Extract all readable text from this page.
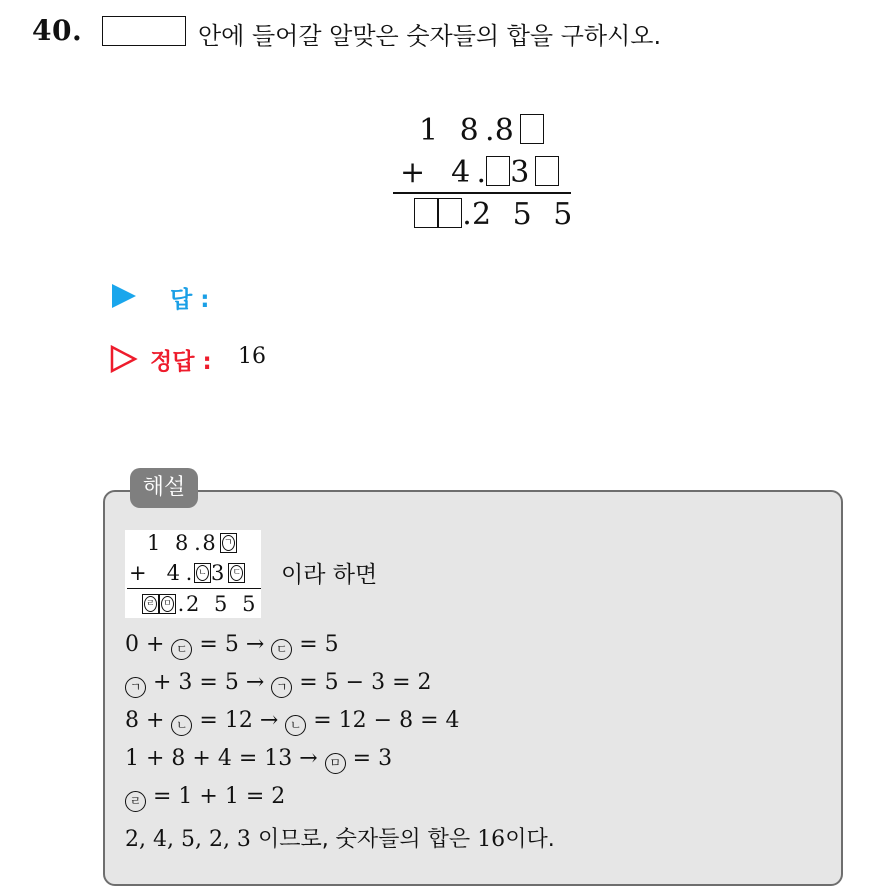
40.	안에 들어갈 알맞은 숫자들의 합을 구하시오.
1 8.8
+ 4. 3
.2 5 5
답 :
정답 : 16
해설
1 8.8 ㄱ
+ 4. ㄴ 3 ㄷ
ㄹ ㅁ .2 5 5
이라 하면
0 + ㄷ = 5 → ㄷ = 5
ㄱ + 3 = 5 → ㄱ = 5 − 3 = 2
8 + ㄴ = 12 → ㄴ = 12 − 8 = 4
1 + 8 + 4 = 13 → ㅁ = 3
ㄹ = 1 + 1 = 2
2, 4, 5, 2, 3 이므로, 숫자들의 합은 16이다.
